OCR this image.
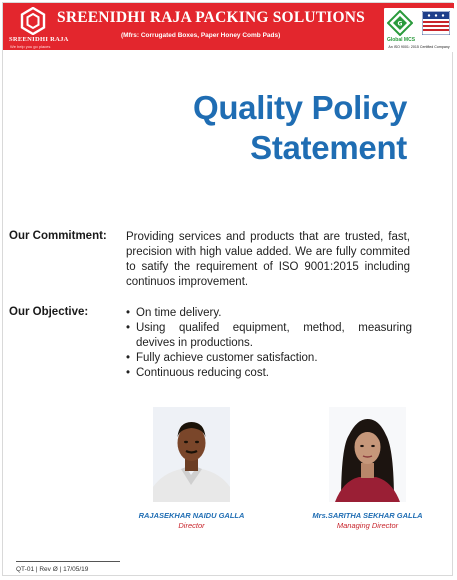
SREENIDHI RAJA
We help you go places
SREENIDHI RAJA PACKING SOLUTIONS
(Mfrs: Corrugated Boxes, Paper Honey Comb Pads)
G
Global MCS
An ISO 9001: 2015 Certified Company
Quality Policy
Statement
Our Commitment: Providing services and products that are trusted, fast, precision with high value added. We are fully commited to satify the requirement of ISO 9001:2015 including continuos improvement.
Our Objective:
•	On time delivery.
• Using qualifed equipment, method, measuring devives in productions.
• Fully achieve customer satisfaction.
• Continuous reducing cost.
RAJASEKHAR NAIDU GALLA
Director
Mrs.SARITHA SEKHAR GALLA
Managing Director
QT-01 | Rev Ø | 17/05/19
